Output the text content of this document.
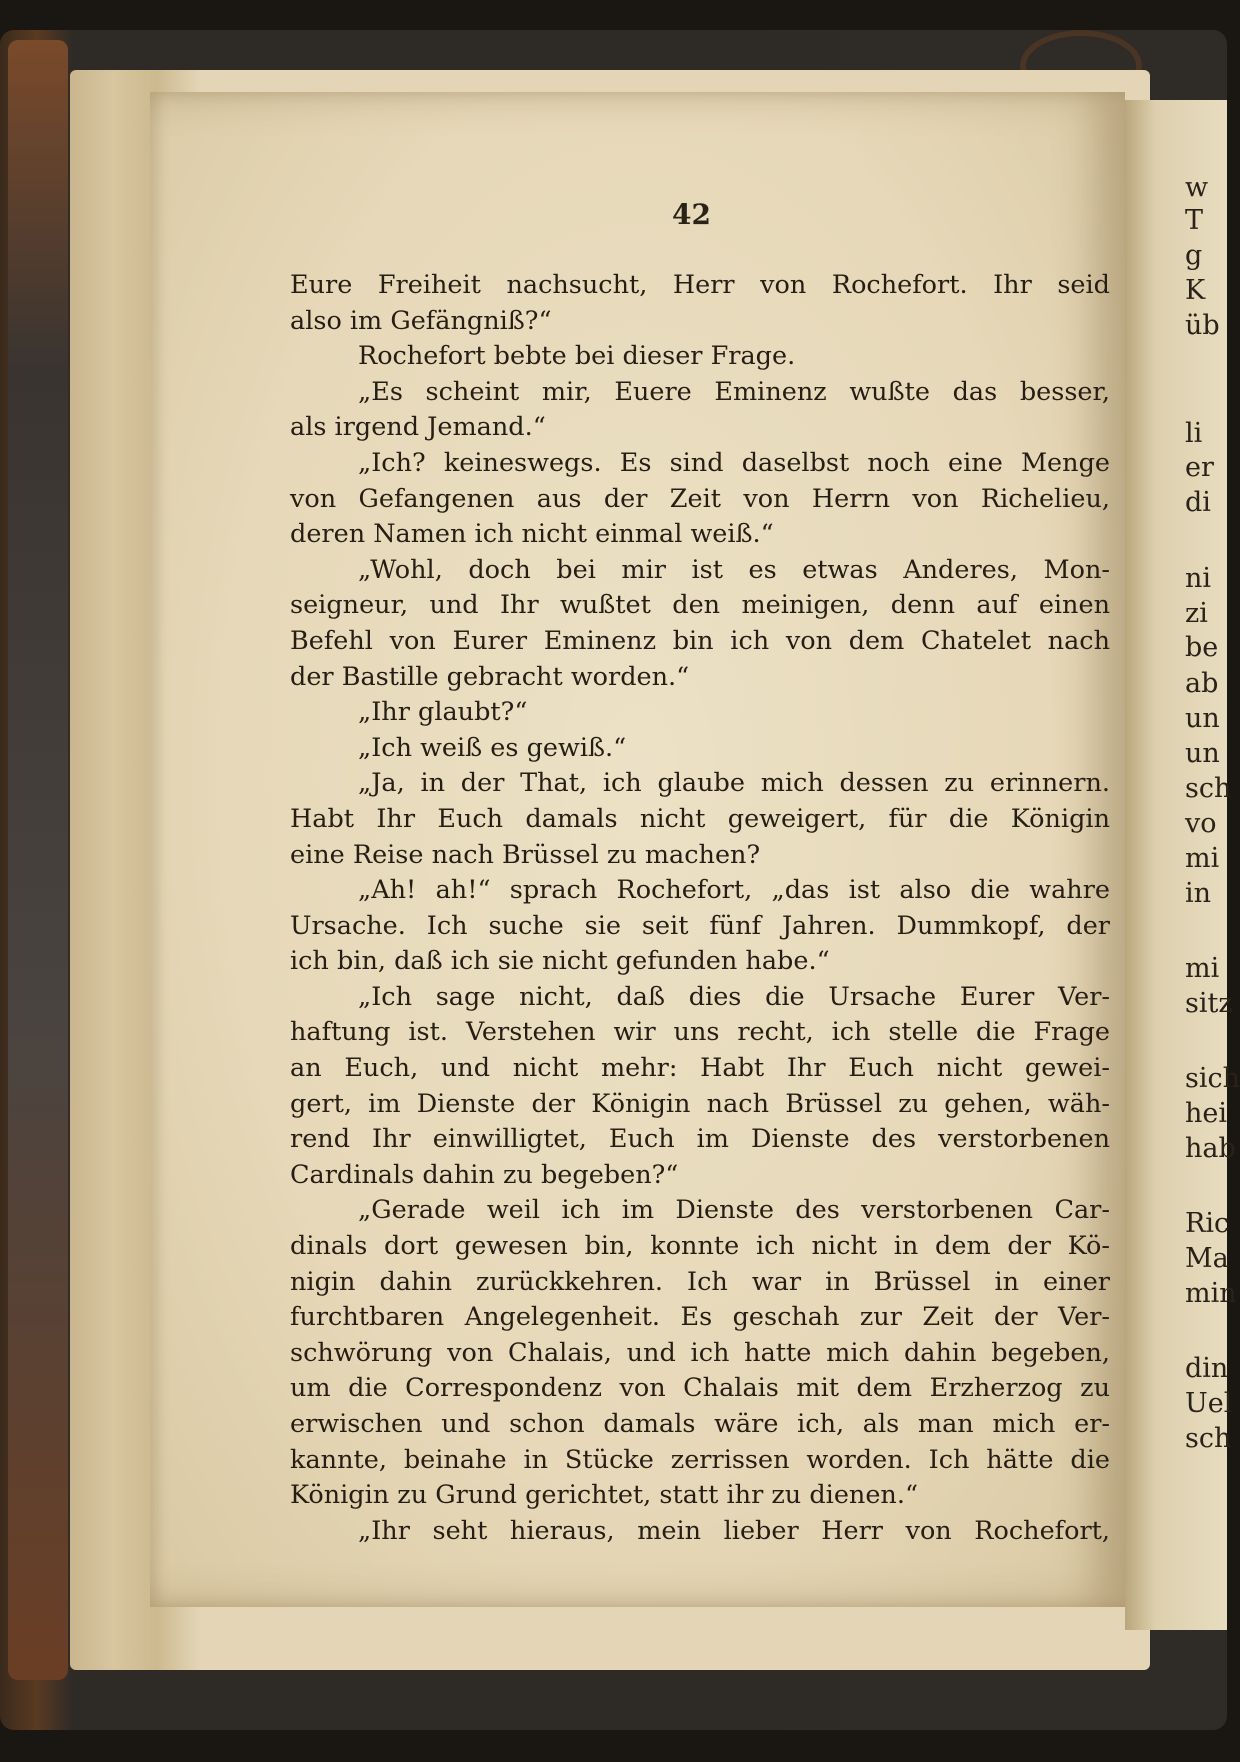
w
T
g
K
üb
li
er
di
ni
zi
be
ab
un
un
sch
vo
mi
in
mi
sitz
sich
hei
hab
Ric
Ma
min
din
Uel
sch
42
Eure Freiheit nachsucht, Herr von Rochefort. Ihr seid
also im Gefängniß?“
Rochefort bebte bei dieser Frage.
„Es scheint mir, Euere Eminenz wußte das besser,
als irgend Jemand.“
„Ich? keineswegs. Es sind daselbst noch eine Menge
von Gefangenen aus der Zeit von Herrn von Richelieu,
deren Namen ich nicht einmal weiß.“
„Wohl, doch bei mir ist es etwas Anderes, Mon-
seigneur, und Ihr wußtet den meinigen, denn auf einen
Befehl von Eurer Eminenz bin ich von dem Chatelet nach
der Bastille gebracht worden.“
„Ihr glaubt?“
„Ich weiß es gewiß.“
„Ja, in der That, ich glaube mich dessen zu erinnern.
Habt Ihr Euch damals nicht geweigert, für die Königin
eine Reise nach Brüssel zu machen?
„Ah! ah!“ sprach Rochefort, „das ist also die wahre
Ursache. Ich suche sie seit fünf Jahren. Dummkopf, der
ich bin, daß ich sie nicht gefunden habe.“
„Ich sage nicht, daß dies die Ursache Eurer Ver-
haftung ist. Verstehen wir uns recht, ich stelle die Frage
an Euch, und nicht mehr: Habt Ihr Euch nicht gewei-
gert, im Dienste der Königin nach Brüssel zu gehen, wäh-
rend Ihr einwilligtet, Euch im Dienste des verstorbenen
Cardinals dahin zu begeben?“
„Gerade weil ich im Dienste des verstorbenen Car-
dinals dort gewesen bin, konnte ich nicht in dem der Kö-
nigin dahin zurückkehren. Ich war in Brüssel in einer
furchtbaren Angelegenheit. Es geschah zur Zeit der Ver-
schwörung von Chalais, und ich hatte mich dahin begeben,
um die Correspondenz von Chalais mit dem Erzherzog zu
erwischen und schon damals wäre ich, als man mich er-
kannte, beinahe in Stücke zerrissen worden. Ich hätte die
Königin zu Grund gerichtet, statt ihr zu dienen.“
„Ihr seht hieraus, mein lieber Herr von Rochefort,
